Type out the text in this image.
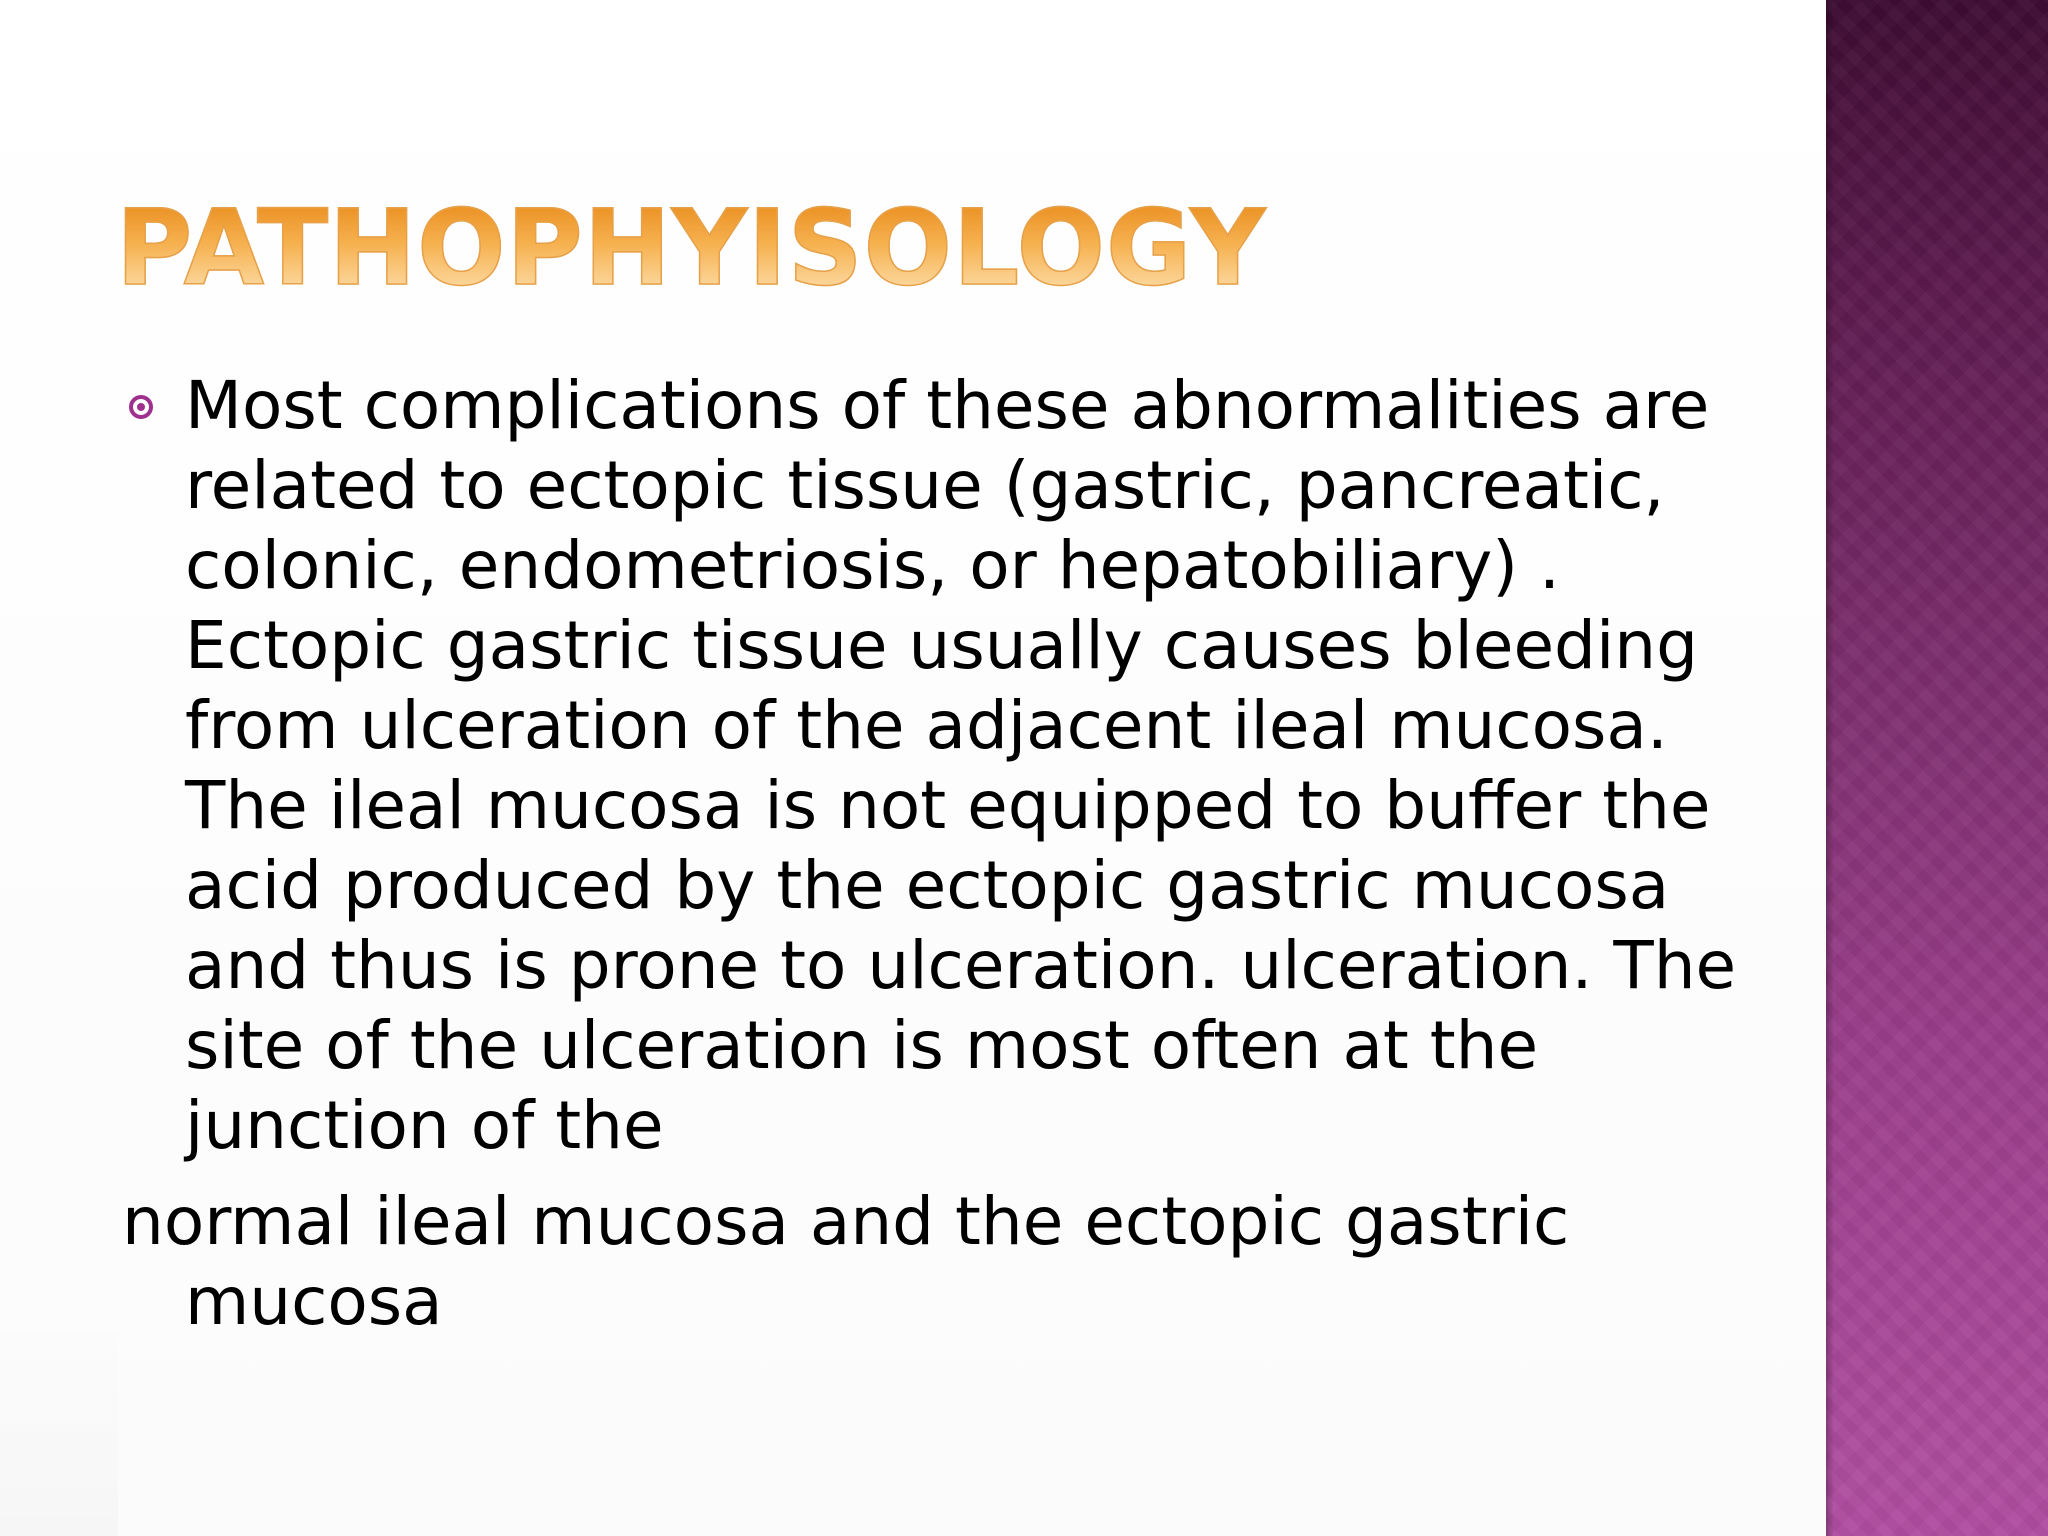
PATHOPHYISOLOGY

Most complications of these abnormalities are related to ectopic tissue (gastric, pancreatic, colonic, endometriosis, or hepatobiliary) . Ectopic gastric tissue usually causes bleeding from ulceration of the adjacent ileal mucosa. The ileal mucosa is not equipped to buffer the acid produced by the ectopic gastric mucosa and thus is prone to ulceration. ulceration. The site of the ulceration is most often at the junction of the

normal ileal mucosa and the ectopic gastric mucosa
